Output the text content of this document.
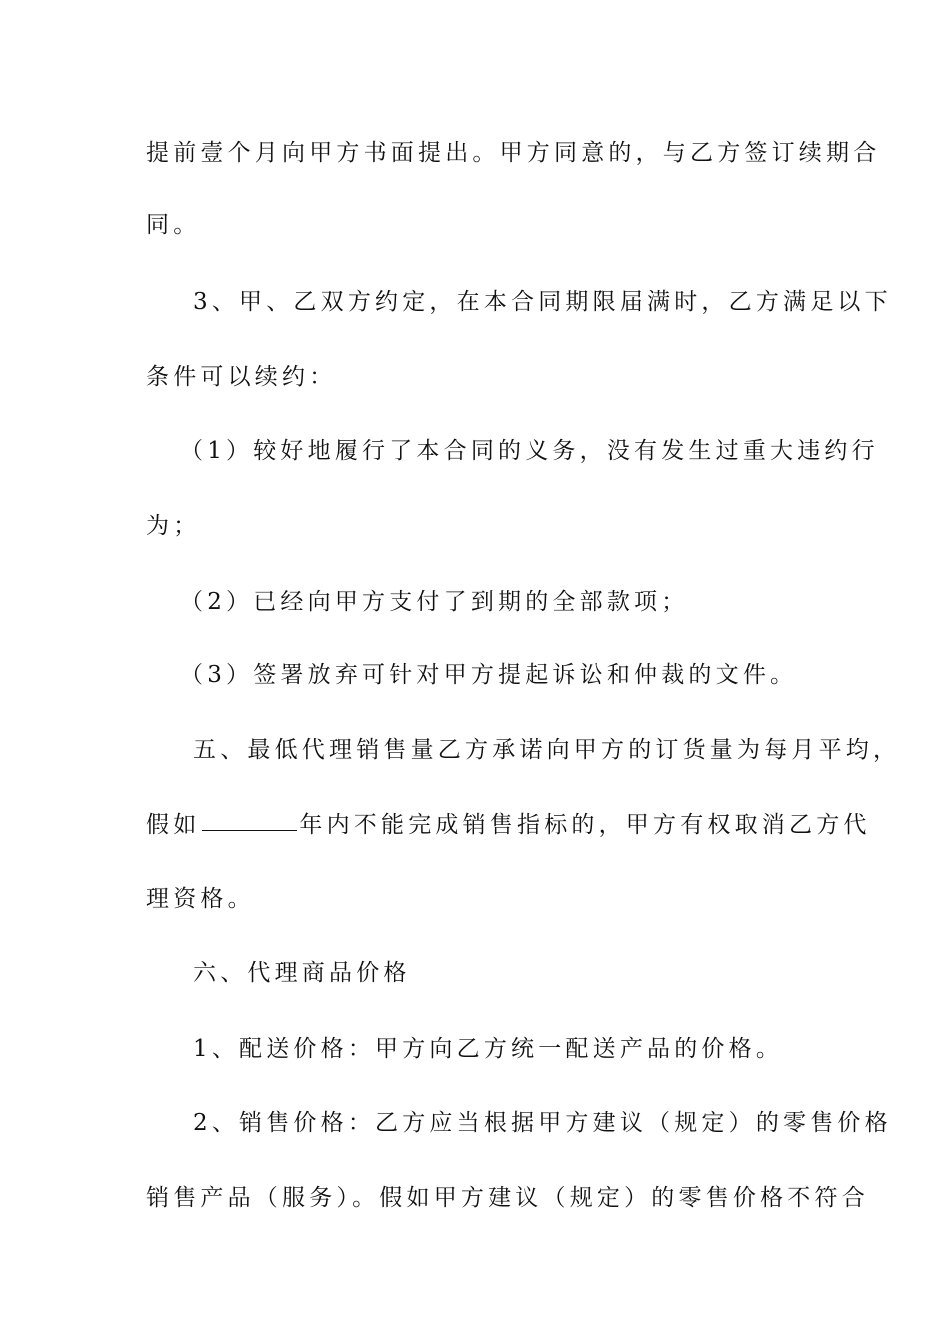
提前壹个月向甲方书面提出。甲方同意的，与乙方签订续期合
同。
3、甲、乙双方约定，在本合同期限届满时，乙方满足以下
条件可以续约：
（1）较好地履行了本合同的义务，没有发生过重大违约行
为；
（2）已经向甲方支付了到期的全部款项；
（3）签署放弃可针对甲方提起诉讼和仲裁的文件。
五、最低代理销售量乙方承诺向甲方的订货量为每月平均，
假如	年内不能完成销售指标的，甲方有权取消乙方代
理资格。
六、代理商品价格
1、配送价格：甲方向乙方统一配送产品的价格。
2、销售价格：乙方应当根据甲方建议（规定）的零售价格
销售产品（服务）。假如甲方建议（规定）的零售价格不符合
